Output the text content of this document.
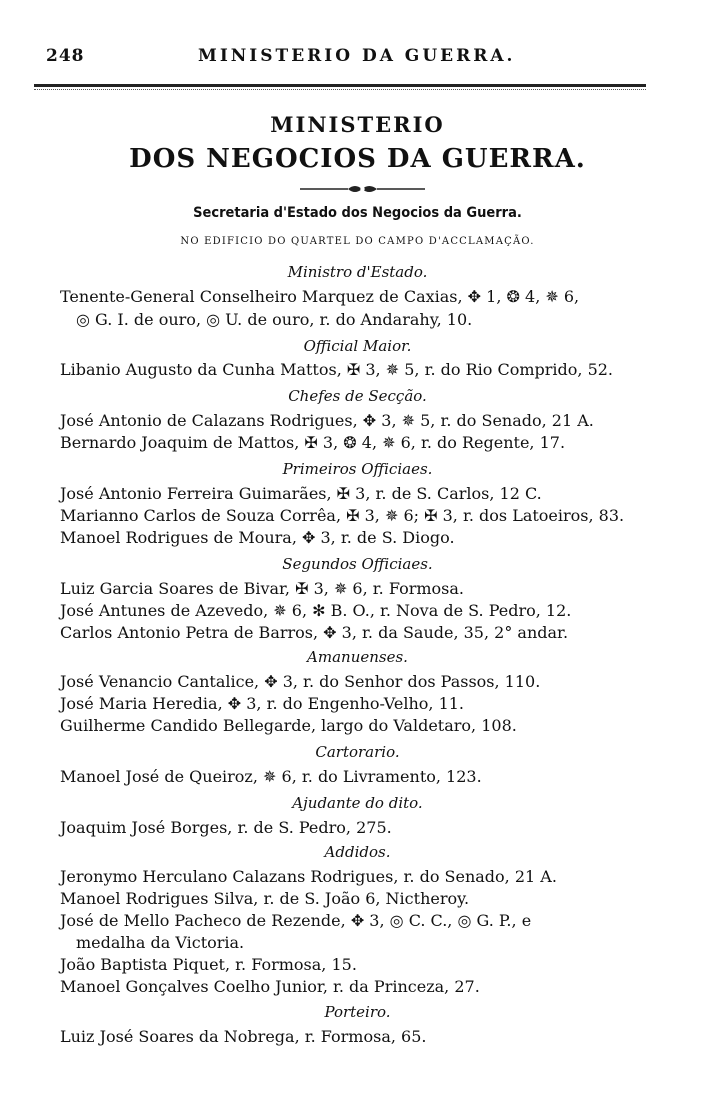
248	MINISTERIO DA GUERRA.
MINISTERIO
DOS NEGOCIOS DA GUERRA.
Secretaria d'Estado dos Negocios da Guerra.
NO EDIFICIO DO QUARTEL DO CAMPO D'ACCLAMAÇÃO.
Ministro d'Estado.
Tenente-General Conselheiro Marquez de Caxias, ✥ 1, ❂ 4, ✵ 6,
◎ G. I. de ouro, ◎ U. de ouro, r. do Andarahy, 10.
Official Maior.
Libanio Augusto da Cunha Mattos, ✠ 3, ✵ 5, r. do Rio Comprido, 52.
Chefes de Secção.
José Antonio de Calazans Rodrigues, ✥ 3, ✵ 5, r. do Senado, 21 A.
Bernardo Joaquim de Mattos, ✠ 3, ❂ 4, ✵ 6, r. do Regente, 17.
Primeiros Officiaes.
José Antonio Ferreira Guimarães, ✠ 3, r. de S. Carlos, 12 C.
Marianno Carlos de Souza Corrêa, ✠ 3, ✵ 6; ✠ 3, r. dos Latoeiros, 83.
Manoel Rodrigues de Moura, ✥ 3, r. de S. Diogo.
Segundos Officiaes.
Luiz Garcia Soares de Bivar, ✠ 3, ✵ 6, r. Formosa.
José Antunes de Azevedo, ✵ 6, ✻ B. O., r. Nova de S. Pedro, 12.
Carlos Antonio Petra de Barros, ✥ 3, r. da Saude, 35, 2° andar.
Amanuenses.
José Venancio Cantalice, ✥ 3, r. do Senhor dos Passos, 110.
José Maria Heredia, ✥ 3, r. do Engenho-Velho, 11.
Guilherme Candido Bellegarde, largo do Valdetaro, 108.
Cartorario.
Manoel José de Queiroz, ✵ 6, r. do Livramento, 123.
Ajudante do dito.
Joaquim José Borges, r. de S. Pedro, 275.
Addidos.
Jeronymo Herculano Calazans Rodrigues, r. do Senado, 21 A.
Manoel Rodrigues Silva, r. de S. João 6, Nictheroy.
José de Mello Pacheco de Rezende, ✥ 3, ◎ C. C., ◎ G. P., e
medalha da Victoria.
João Baptista Piquet, r. Formosa, 15.
Manoel Gonçalves Coelho Junior, r. da Princeza, 27.
Porteiro.
Luiz José Soares da Nobrega, r. Formosa, 65.
